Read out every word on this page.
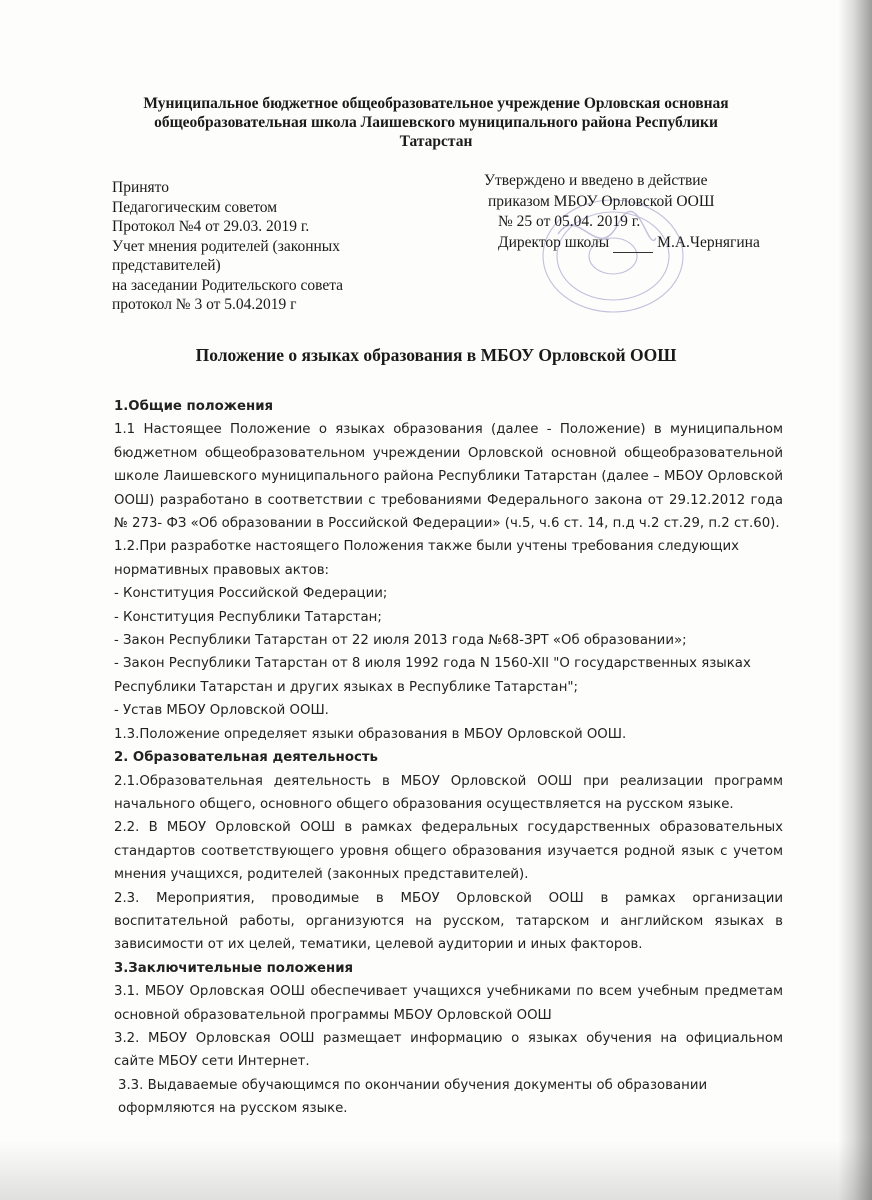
Муниципальное бюджетное общеобразовательное учреждение Орловская основная
общеобразовательная школа Лаишевского муниципального района Республики
Татарстан
Принято
Педагогическим советом
Протокол №4 от 29.03. 2019 г.
Учет мнения родителей (законных
представителей)
на заседании Родительского совета
протокол № 3 от 5.04.2019 г
Утверждено и введено в действие
приказом МБОУ Орловской ООШ
№ 25 от 05.04. 2019 г.
Директор школы	М.А.Чернягина
Положение о языках образования в МБОУ Орловской ООШ

1.Общие положения

1.1 Настоящее Положение о языках образования (далее - Положение) в муниципальном бюджетном общеобразовательном учреждении Орловской основной общеобразовательной школе Лаишевского муниципального района Республики Татарстан (далее – МБОУ Орловской ООШ) разработано в соответствии с требованиями Федерального закона от 29.12.2012 года № 273- ФЗ «Об образовании в Российской Федерации» (ч.5, ч.6 ст. 14, п.д ч.2 ст.29, п.2 ст.60).

1.2.При разработке настоящего Положения также были учтены требования следующих нормативных правовых актов:

- Конституция Российской Федерации;

- Конституция Республики Татарстан;

- Закон Республики Татарстан от 22 июля 2013 года №68-ЗРТ «Об образовании»;

- Закон Республики Татарстан от 8 июля 1992 года N 1560-XII "О государственных языках Республики Татарстан и других языках в Республике Татарстан";

- Устав МБОУ Орловской ООШ.

1.3.Положение определяет языки образования в МБОУ Орловской ООШ.

2. Образовательная деятельность

2.1.Образовательная деятельность в МБОУ Орловской ООШ при реализации программ начального общего, основного общего образования осуществляется на русском языке.

2.2. В МБОУ Орловской ООШ в рамках федеральных государственных образовательных стандартов соответствующего уровня общего образования изучается родной язык с учетом мнения учащихся, родителей (законных представителей).

2.3. Мероприятия, проводимые в МБОУ Орловской ООШ в рамках организации воспитательной работы, организуются на русском, татарском и английском языках в зависимости от их целей, тематики, целевой аудитории и иных факторов.

3.Заключительные положения

3.1. МБОУ Орловская ООШ обеспечивает учащихся учебниками по всем учебным предметам основной образовательной программы МБОУ Орловской ООШ

3.2. МБОУ Орловская ООШ размещает информацию о языках обучения на официальном сайте МБОУ сети Интернет.

3.3. Выдаваемые обучающимся по окончании обучения документы об образовании оформляются на русском языке.
